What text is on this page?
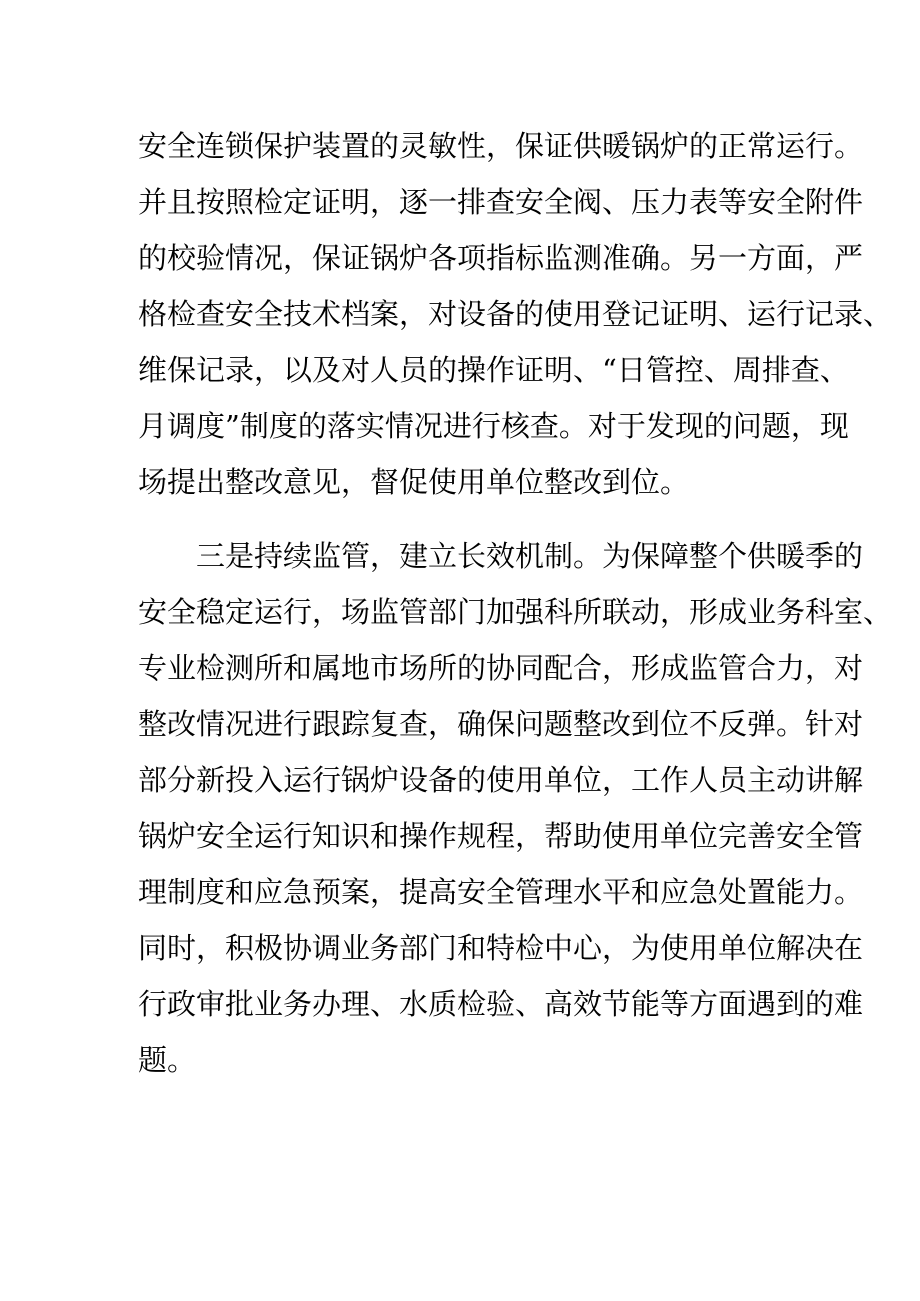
安全连锁保护装置的灵敏性，保证供暖锅炉的正常运行。
并且按照检定证明，逐一排查安全阀、压力表等安全附件
的校验情况，保证锅炉各项指标监测准确。另一方面，严
格检查安全技术档案，对设备的使用登记证明、运行记录、
维保记录，以及对人员的操作证明、“日管控、周排查、
月调度”制度的落实情况进行核查。对于发现的问题，现
场提出整改意见，督促使用单位整改到位。
三是持续监管，建立长效机制。为保障整个供暖季的
安全稳定运行，场监管部门加强科所联动，形成业务科室、
专业检测所和属地市场所的协同配合，形成监管合力，对
整改情况进行跟踪复查，确保问题整改到位不反弹。针对
部分新投入运行锅炉设备的使用单位，工作人员主动讲解
锅炉安全运行知识和操作规程，帮助使用单位完善安全管
理制度和应急预案，提高安全管理水平和应急处置能力。
同时，积极协调业务部门和特检中心，为使用单位解决在
行政审批业务办理、水质检验、高效节能等方面遇到的难
题。
